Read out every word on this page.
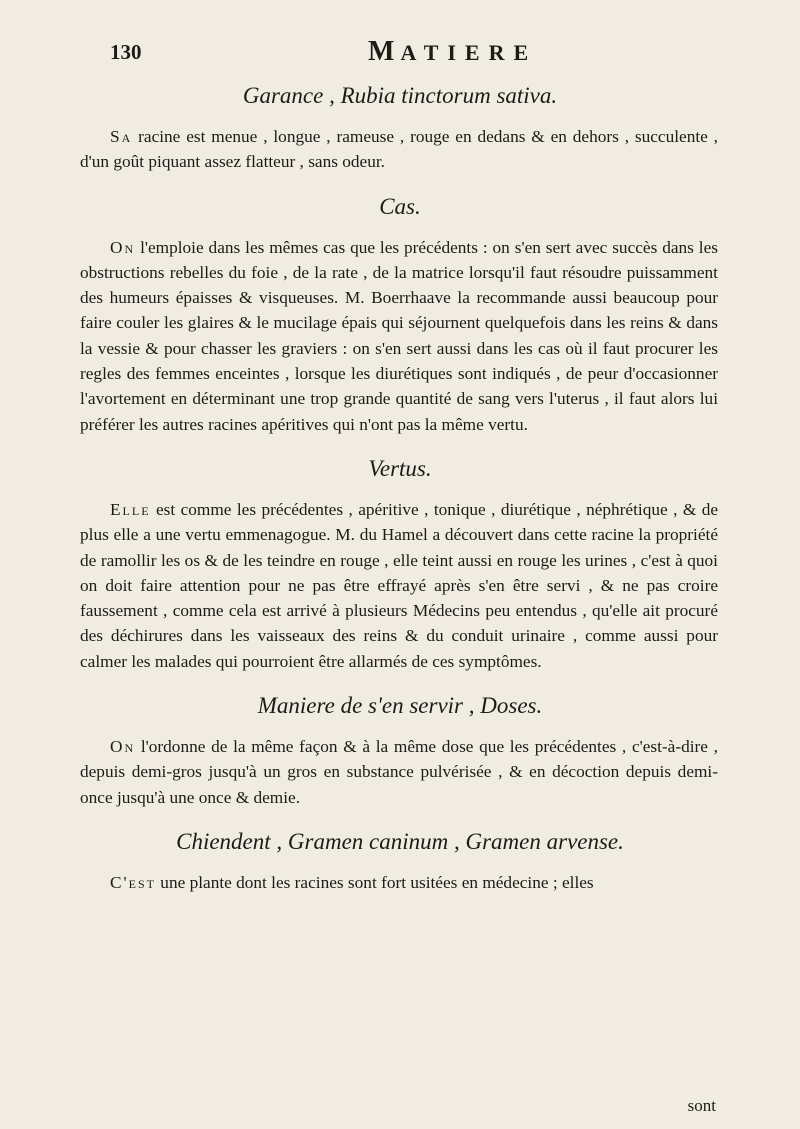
130	MATIERE
Garance , Rubia tinctorum sativa.

Sa racine est menue , longue , rameuse , rouge en dedans & en dehors , succulente , d'un goût piquant assez flatteur , sans odeur.

Cas.

On l'emploie dans les mêmes cas que les précédents : on s'en sert avec succès dans les obstructions rebelles du foie , de la rate , de la matrice lorsqu'il faut résoudre puissamment des humeurs épaisses & visqueuses. M. Boerrhaave la recommande aussi beaucoup pour faire couler les glaires & le mucilage épais qui séjournent quelquefois dans les reins & dans la vessie & pour chasser les graviers : on s'en sert aussi dans les cas où il faut procurer les regles des femmes enceintes , lorsque les diurétiques sont indiqués , de peur d'occasionner l'avortement en déterminant une trop grande quantité de sang vers l'uterus , il faut alors lui préférer les autres racines apéritives qui n'ont pas la même vertu.

Vertus.

Elle est comme les précédentes , apéritive , tonique , diurétique , néphrétique , & de plus elle a une vertu emmenagogue. M. du Hamel a découvert dans cette racine la propriété de ramollir les os & de les teindre en rouge , elle teint aussi en rouge les urines , c'est à quoi on doit faire attention pour ne pas être effrayé après s'en être servi , & ne pas croire faussement , comme cela est arrivé à plusieurs Médecins peu entendus , qu'elle ait procuré des déchirures dans les vaisseaux des reins & du conduit urinaire , comme aussi pour calmer les malades qui pourroient être allarmés de ces symptômes.

Maniere de s'en servir , Doses.

On l'ordonne de la même façon & à la même dose que les précédentes , c'est-à-dire , depuis demi-gros jusqu'à un gros en substance pulvérisée , & en décoction depuis demi-once jusqu'à une once & demie.

Chiendent , Gramen caninum , Gramen arvense.

C'est une plante dont les racines sont fort usitées en médecine ; elles

sont
